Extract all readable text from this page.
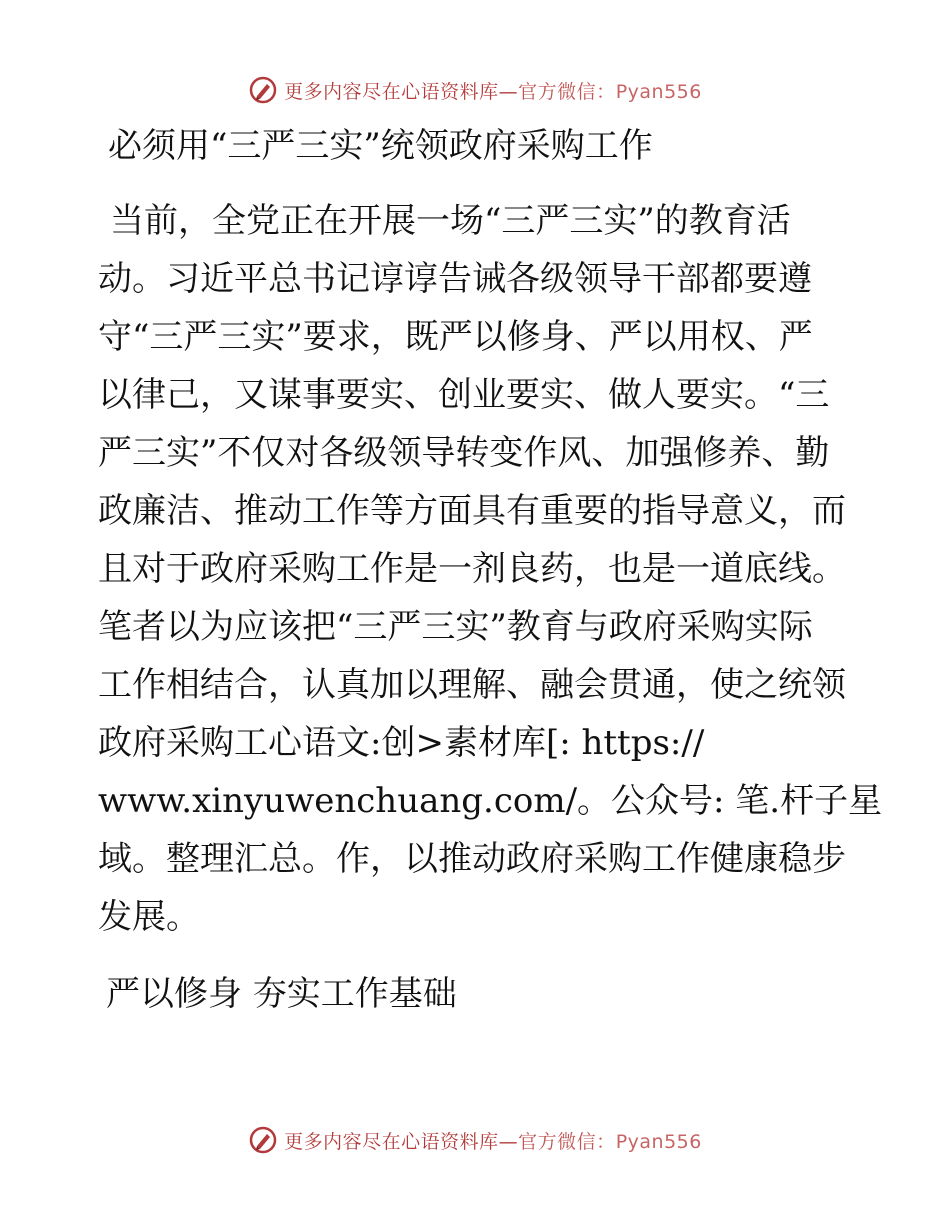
更多内容尽在心语资料库—官方微信：Pyan556
必须用“三严三实”统领政府采购工作
当前，全党正在开展一场“三严三实”的教育活
动。习近平总书记谆谆告诫各级领导干部都要遵
守“三严三实”要求，既严以修身、严以用权、严
以律己，又谋事要实、创业要实、做人要实。“三
严三实”不仅对各级领导转变作风、加强修养、勤
政廉洁、推动工作等方面具有重要的指导意义，而
且对于政府采购工作是一剂良药，也是一道底线。
笔者以为应该把“三严三实”教育与政府采购实际
工作相结合，认真加以理解、融会贯通，使之统领
政府采购工心语文:创>素材库[: https://
www.xinyuwenchuang.com/。公众号: 笔.杆子星
域。整理汇总。作，以推动政府采购工作健康稳步
发展。
严以修身 夯实工作基础
更多内容尽在心语资料库—官方微信：Pyan556
